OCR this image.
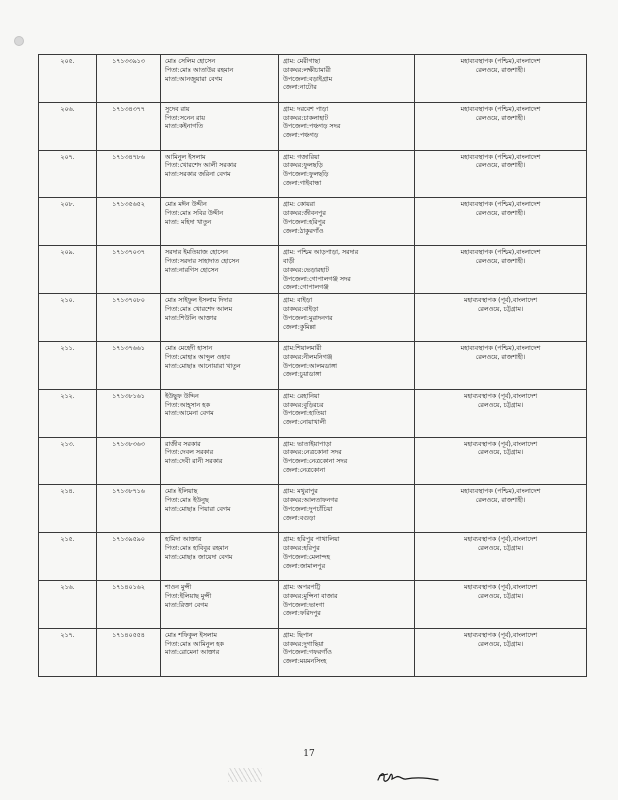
২০৫.	১৭১৩৩৯১৩	মোঃ সেলিম হোসেন
পিতা:মোঃ আতাউর রহমান
মাতা:আনজুয়ারা বেগম	গ্রাম: মেরীগাছা
ডাকঘর:লক্ষীচামারী
উপজেলা:বড়াইগ্রাম
জেলা:নাটোর	মহাব্যবস্থাপক (পশ্চিম),বাংলাদেশ
রেলওয়ে, রাজশাহী।

২০৬.	১৭১৩৪৩৭৭	সুদেব রায়
পিতা:সনেন রায়
মাতা:কইনাগতি	গ্রাম: দরবেশ পাড়া
ডাকঘর:চাকলাহাট
উপজেলা:পঞ্চগড় সদর
জেলা:পঞ্চগড়	মহাব্যবস্থাপক (পশ্চিম),বাংলাদেশ
রেলওয়ে, রাজশাহী।

২০৭.	১৭১৩৪৭৮৬	আমিনুল ইসলাম
পিতা:খোরশেদ আলী সরকার
মাতা:সরকার জরিনা বেগম	গ্রাম: গজারিয়া
ডাকঘর:ফুলছড়ি
উপজেলা:ফুলছড়ি
জেলা:গাইবান্ধা	মহাব্যবস্থাপক (পশ্চিম),বাংলাদেশ
রেলওয়ে, রাজশাহী।

২০৮.	১৭১৩৫৬৫২	মোঃ মঈন উদ্দীন
পিতা:মোঃ সবির উদ্দীন
মাতা: মহিদা খাতুন	গ্রাম: কোয়রা
ডাকঘর:জীবনপুর
উপজেলা:হরিপুর
জেলা:ঠাকুরগাঁও	মহাব্যবস্থাপক (পশ্চিম),বাংলাদেশ
রেলওয়ে, রাজশাহী।

২০৯.	১৭১৩৭০৩৭	সরদার ইমতিয়াজ হোসেন
পিতা:সরদার সাহাদাত হোসেন
মাতা:নারগিস হোসেন	গ্রাম: পশ্চিম আড়পাড়া, সরদার
বাড়ী
ডাকঘর:ভেড়ারহাট
উপজেলা:গোপালগঞ্জ সদর
জেলা:গোপালগঞ্জ	মহাব্যবস্থাপক (পশ্চিম),বাংলাদেশ
রেলওয়ে, রাজশাহী।

২১০.	১৭১৩৭০৮০	মোঃ সাইফুল ইসলাম দিদার
পিতা:মোঃ খোরশেদ আলম
মাতা:শিউলি আক্তার	গ্রাম: বাইড়া
ডাকঘর:বাইড়া
উপজেলা:মুরাদনগর
জেলা:কুমিল্লা	মহাব্যবস্থাপক (পূর্ব),বাংলাদেশ
রেলওয়ে, চট্টগ্রাম।

২১১.	১৭১৩৭৬৬১	মোঃ মেহেদী হাসান
পিতা:মোহাঃ আব্দুল ওহাব
মাতা:মোছাঃ আনোয়ারা খাতুন	গ্রাম:শিয়ালমারী
ডাকঘর:নীলমনিগঞ্জ
উপজেলা:আলমডাঙ্গা
জেলা:চুয়াডাঙ্গা	মহাব্যবস্থাপক (পশ্চিম),বাংলাদেশ
রেলওয়ে, রাজশাহী।

২১২.	১৭১৩৮১৬১	ইউছুফ উদ্দিন
পিতা:আহ্সান হক
মাতা:আমেনা বেগম	গ্রাম: রেহানিয়া
ডাকঘর:বুড়িরচর
উপজেলা:হাতিয়া
জেলা:নোয়াখালী	মহাব্যবস্থাপক (পূর্ব),বাংলাদেশ
রেলওয়ে, চট্টগ্রাম।

২১৩.	১৭১৩৮৩৬৩	রাজীব সরকার
পিতা:দেবল সরকার
মাতা:দেবী রানী সরকার	গ্রাম: ভাতাইয়াপাড়া
ডাকঘর:নেত্রকোনা সদর
উপজেলা:নেত্রকোনা সদর
জেলা:নেত্রকোনা	মহাব্যবস্থাপক (পূর্ব),বাংলাদেশ
রেলওয়ে, চট্টগ্রাম।

২১৪.	১৭১৩৮৭১৬	মোঃ ইলিয়াছ
পিতা:মোঃ ইউনুছ
মাতা:মোছাঃ পিয়ারা বেগম	গ্রাম: মথুরাপুর
ডাকঘর:আলতাফনগর
উপজেলা:দুপচাঁচিয়া
জেলা:বগুড়া	মহাব্যবস্থাপক (পশ্চিম),বাংলাদেশ
রেলওয়ে, রাজশাহী।

২১৫.	১৭১৩৯৫৯০	হামিদা আক্তার
পিতা:মোঃ হাবিবুর রহমান
মাতা:মোছাঃ জায়েদা বেগম	গ্রাম: হরিপুর পাথালিয়া
ডাকঘর:হরিপুর
উপজেলা:মেলান্দহ
জেলা:জামালপুর	মহাব্যবস্থাপক (পূর্ব),বাংলাদেশ
রেলওয়ে, চট্টগ্রাম।

২১৬.	১৭১৪০১৬২	শাওন মুন্সী
পিতা:ইলিয়াছ মুন্সী
মাতা:রিক্তা বেগম	গ্রাম: অপরপট্টি
ডাকঘর:মুন্সিনা বাজার
উপজেলা:ভাংগা
জেলা:ফরিদপুর	মহাব্যবস্থাপক (পূর্ব),বাংলাদেশ
রেলওয়ে, চট্টগ্রাম।

২১৭.	১৭১৪০৫৫৪	মোঃ শফিকুল ইসলাম
পিতা:মোঃ আমিনুল হক
মাতা:রোমেনা আক্তার	গ্রাম: ছিপান
ডাকঘর:দুগাছিয়া
উপজেলা:গফরগাঁও
জেলা:ময়মনসিংহ	মহাব্যবস্থাপক (পূর্ব),বাংলাদেশ
রেলওয়ে, চট্টগ্রাম।
17
